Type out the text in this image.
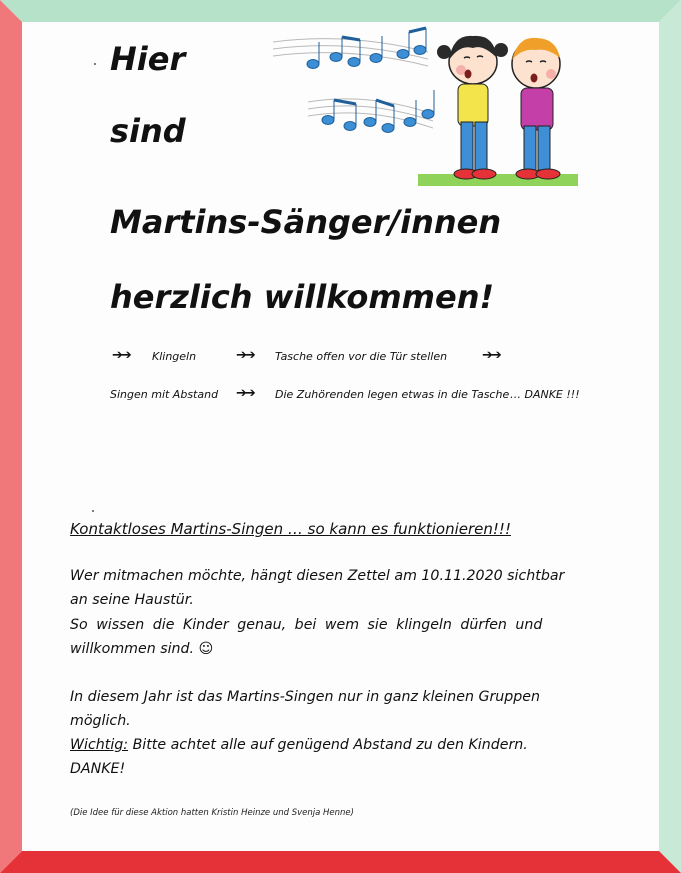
Hier
sind
Martins-Sänger/innen
herzlich willkommen!
➔➔ Klingeln	➔➔ Tasche offen vor die Tür stellen	➔➔
Singen mit Abstand ➔➔ Die Zuhörenden legen etwas in die Tasche … DANKE !!!
Kontaktloses Martins-Singen … so kann es funktionieren!!!
Wer mitmachen möchte, hängt diesen Zettel am 10.11.2020 sichtbar
an seine Haustür.
So wissen die Kinder genau, bei wem sie klingeln dürfen und
willkommen sind. ☺
In diesem Jahr ist das Martins-Singen nur in ganz kleinen Gruppen
möglich.
Wichtig: Bitte achtet alle auf genügend Abstand zu den Kindern.
DANKE!
(Die Idee für diese Aktion hatten Kristin Heinze und Svenja Henne)
